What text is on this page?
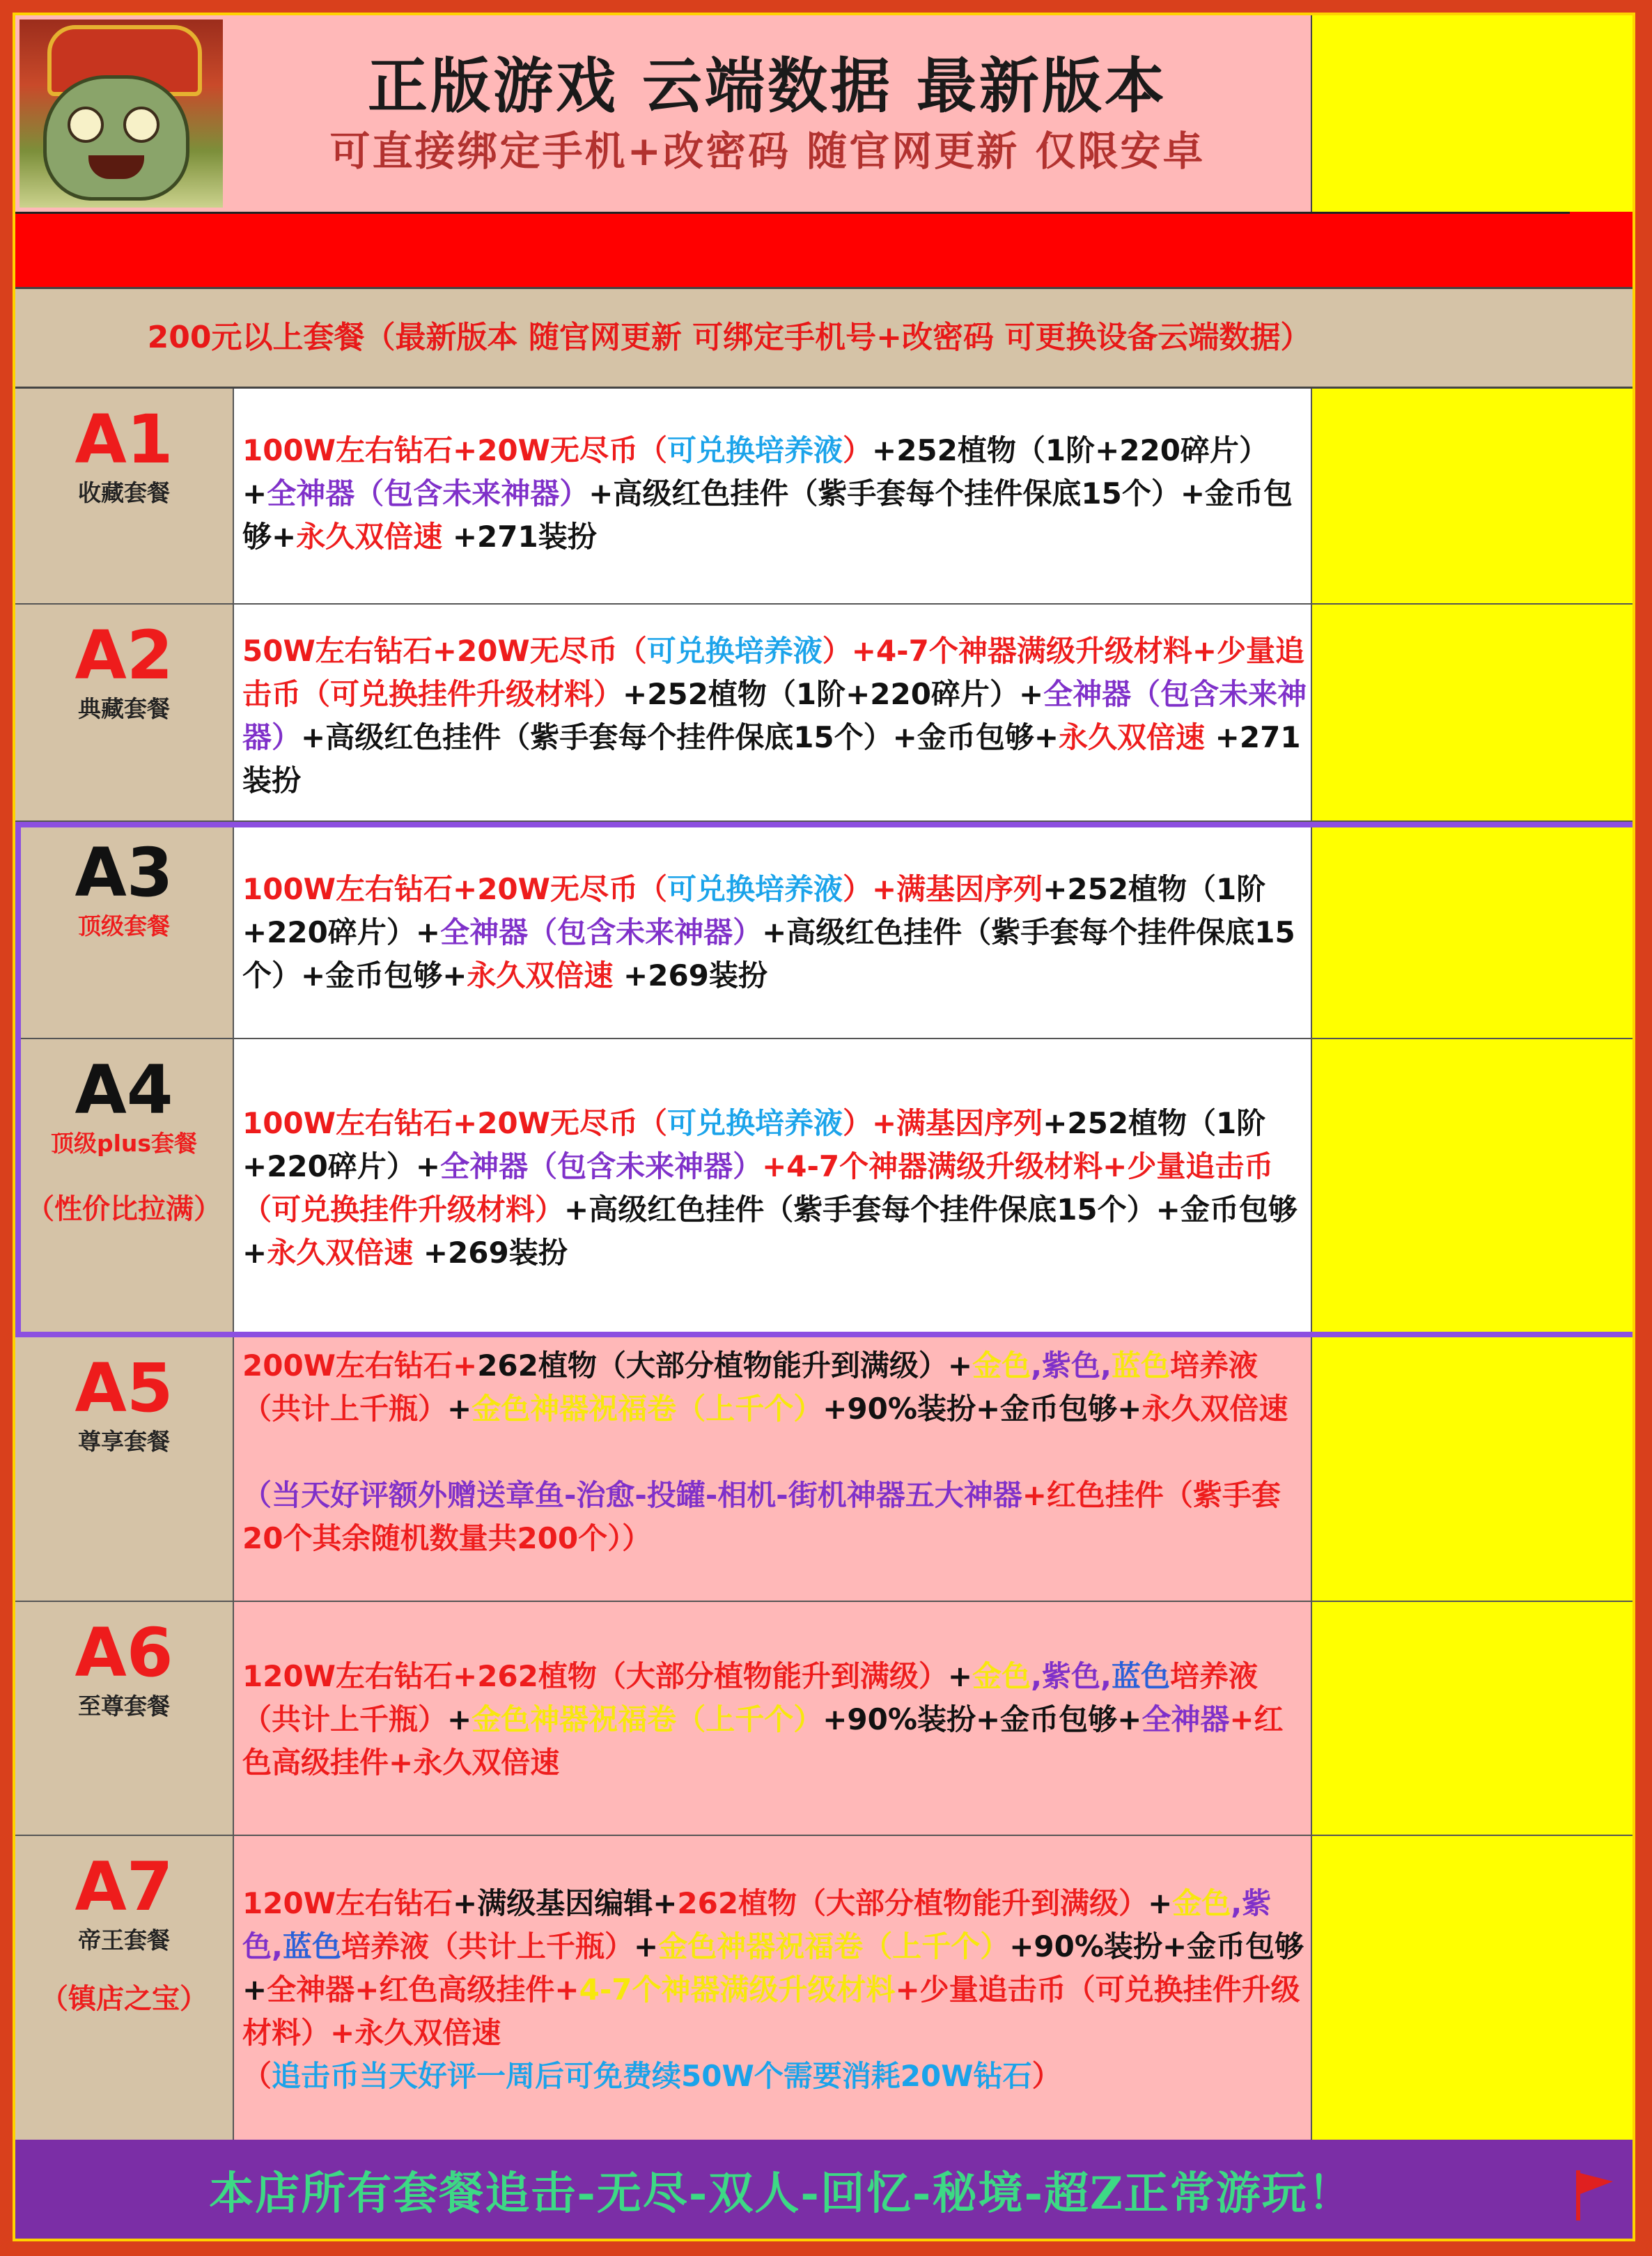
正版游戏 云端数据 最新版本
可直接绑定手机+改密码 随官网更新 仅限安卓
200元以上套餐（最新版本 随官网更新 可绑定手机号+改密码 可更换设备云端数据）
A1
收藏套餐
100W左右钻石+20W无尽币（可兑换培养液）+252植物（1阶+220碎片）+全神器（包含未来神器）+高级红色挂件（紫手套每个挂件保底15个）+金币包够+永久双倍速 +271装扮
A2
典藏套餐
50W左右钻石+20W无尽币（可兑换培养液）+4-7个神器满级升级材料+少量追击币（可兑换挂件升级材料）+252植物（1阶+220碎片）+全神器（包含未来神器）+高级红色挂件（紫手套每个挂件保底15个）+金币包够+永久双倍速 +271装扮
A3
顶级套餐
100W左右钻石+20W无尽币（可兑换培养液）+满基因序列+252植物（1阶+220碎片）+全神器（包含未来神器）+高级红色挂件（紫手套每个挂件保底15个）+金币包够+永久双倍速 +269装扮
A4
顶级plus套餐
（性价比拉满）
100W左右钻石+20W无尽币（可兑换培养液）+满基因序列+252植物（1阶+220碎片）+全神器（包含未来神器）+4-7个神器满级升级材料+少量追击币（可兑换挂件升级材料）+高级红色挂件（紫手套每个挂件保底15个）+金币包够+永久双倍速 +269装扮
A5
尊享套餐
200W左右钻石+262植物（大部分植物能升到满级）+金色,紫色,蓝色培养液（共计上千瓶）+金色神器祝福卷（上千个）+90%装扮+金币包够+永久双倍速
（当天好评额外赠送章鱼-治愈-投罐-相机-街机神器五大神器+红色挂件（紫手套20个其余随机数量共200个））
A6
至尊套餐
120W左右钻石+262植物（大部分植物能升到满级）+金色,紫色,蓝色培养液（共计上千瓶）+金色神器祝福卷（上千个）+90%装扮+金币包够+全神器+红色高级挂件+永久双倍速
A7
帝王套餐
（镇店之宝）
120W左右钻石+满级基因编辑+262植物（大部分植物能升到满级）+金色,紫色,蓝色培养液（共计上千瓶）+金色神器祝福卷（上千个）+90%装扮+金币包够+全神器+红色高级挂件+4-7个神器满级升级材料+少量追击币（可兑换挂件升级材料）+永久双倍速
（追击币当天好评一周后可免费续50W个需要消耗20W钻石）
本店所有套餐追击-无尽-双人-回忆-秘境-超Z正常游玩！
